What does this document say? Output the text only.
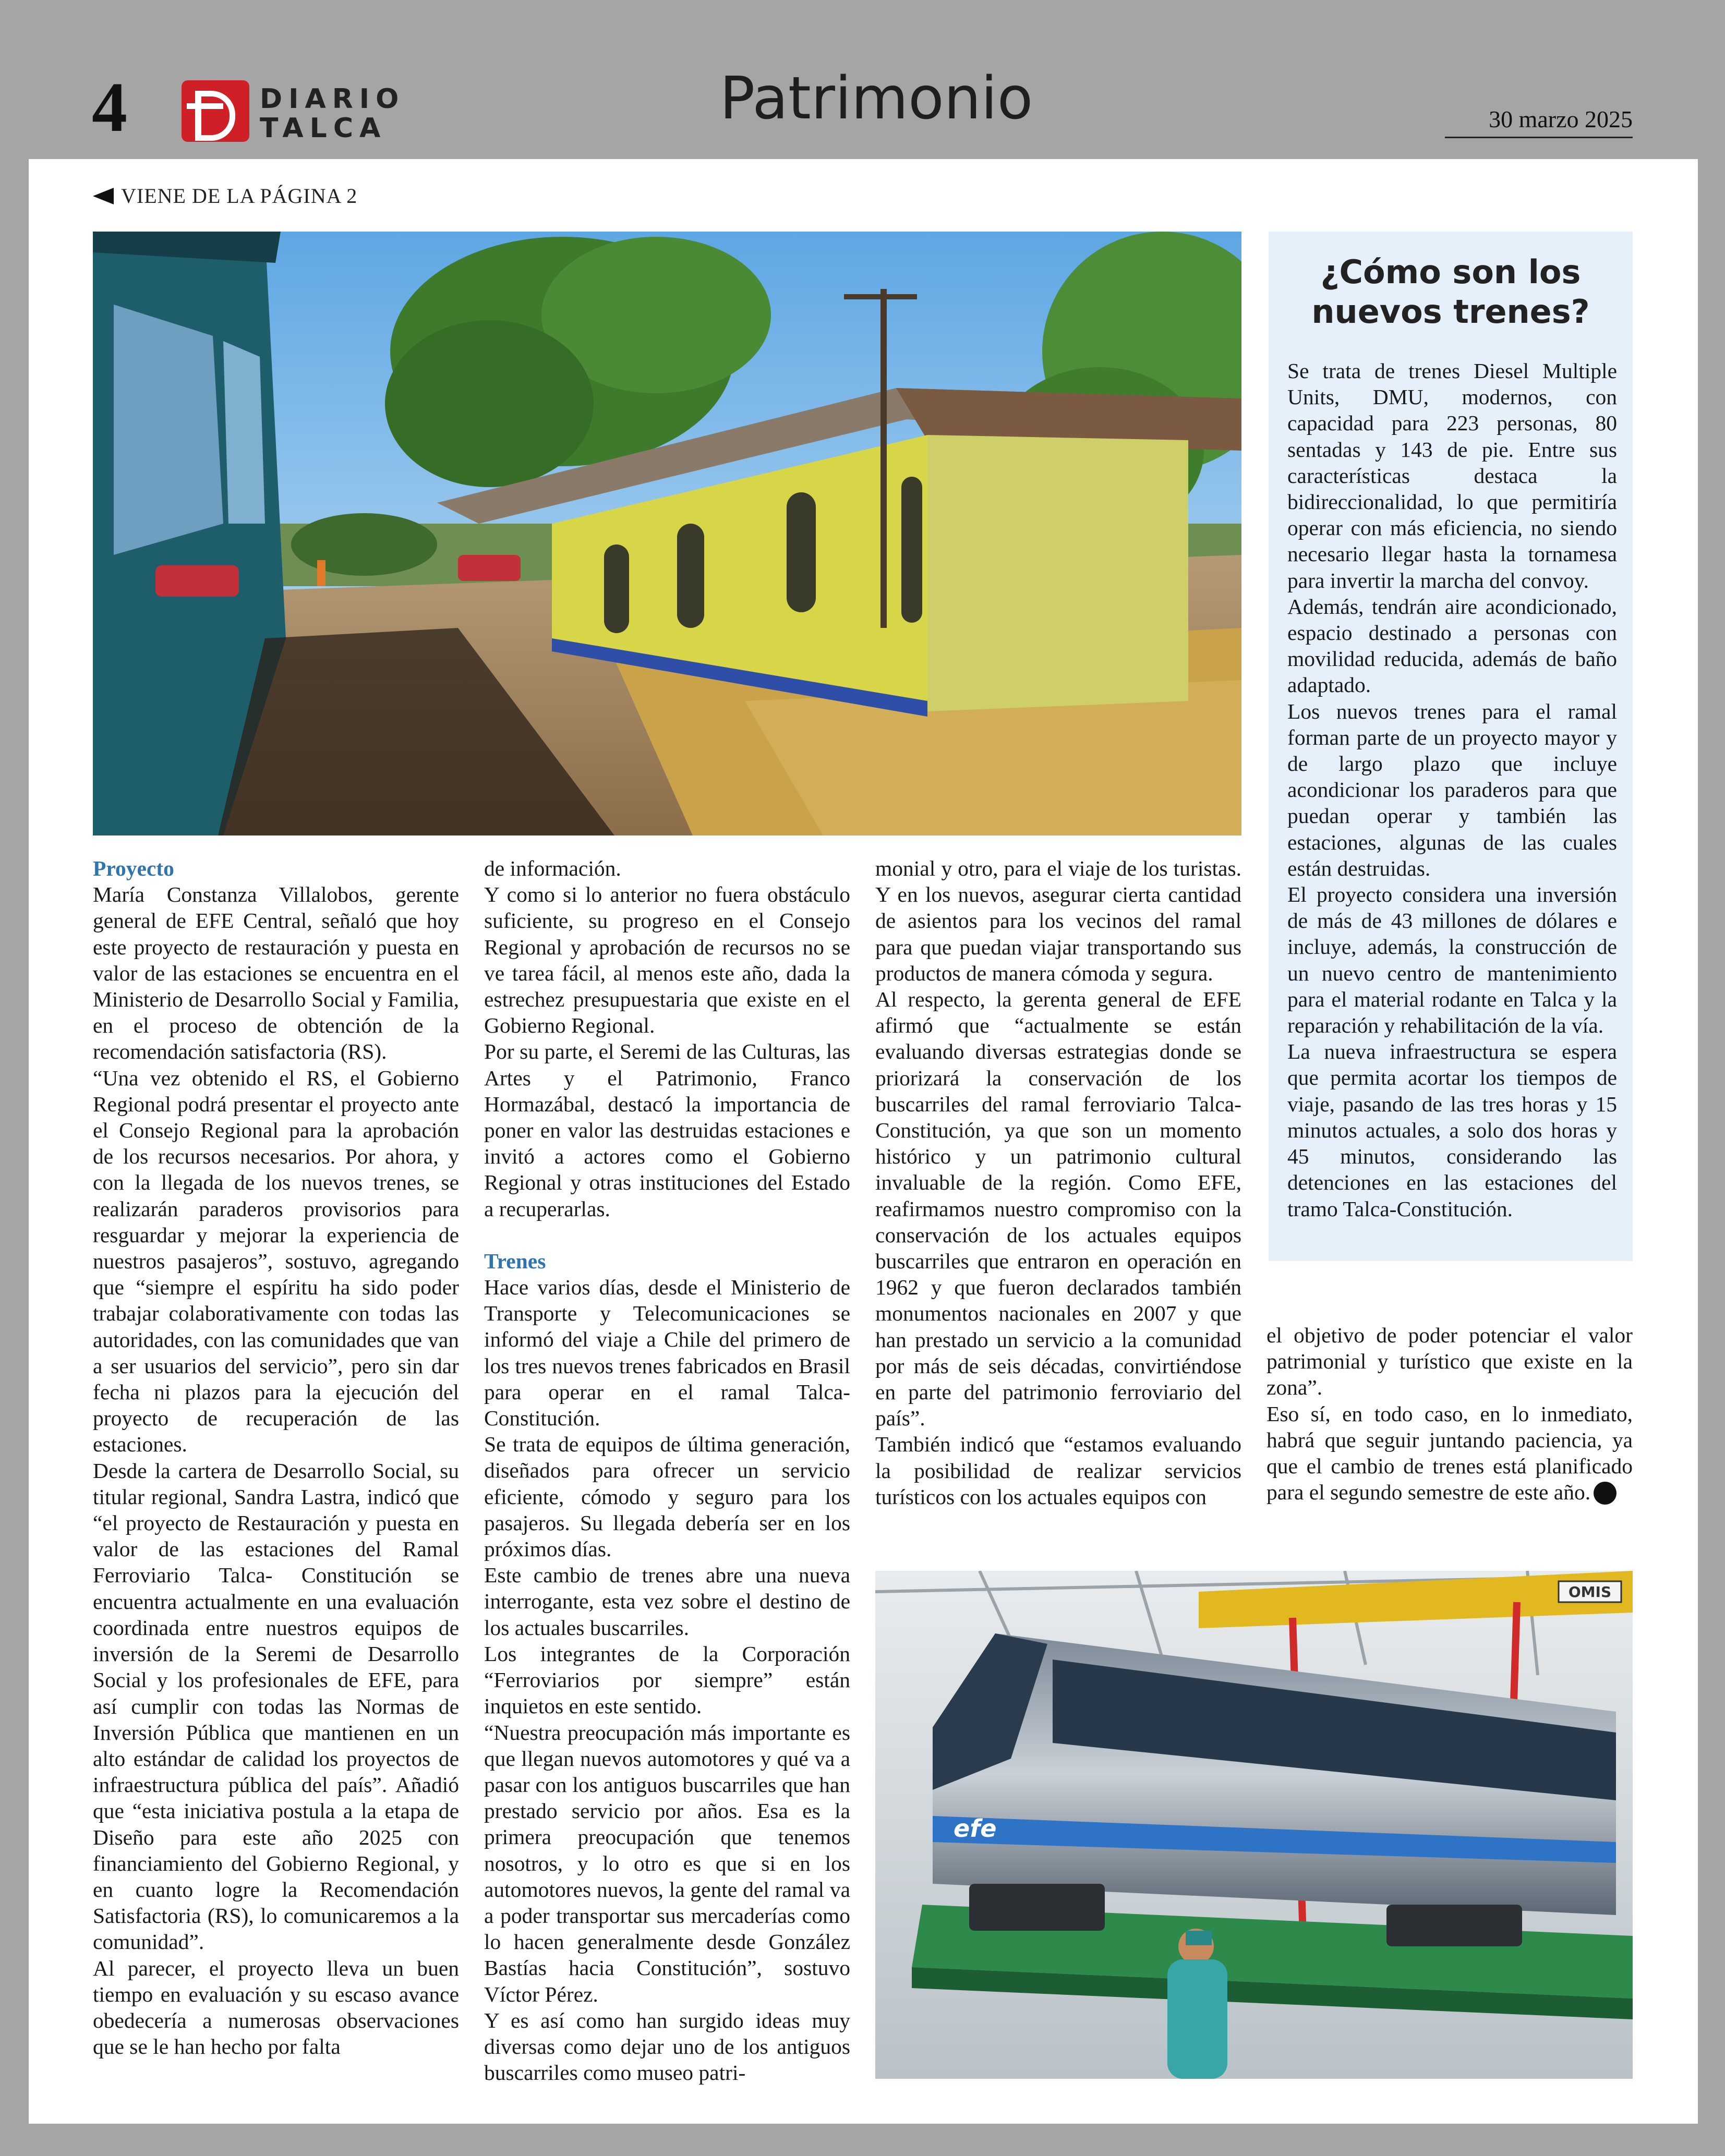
4	DIARIO
TALCA	Patrimonio	30 marzo 2025
VIENE DE LA PÁGINA 2
Proyecto

María Constanza Villalobos, gerente general de EFE Central, señaló que hoy este proyecto de restauración y puesta en valor de las estaciones se encuentra en el Ministerio de Desarrollo Social y Familia, en el proceso de obtención de la recomendación satisfactoria (RS).

“Una vez obtenido el RS, el Gobierno Regional podrá presentar el proyecto ante el Consejo Regional para la aprobación de los recursos necesarios. Por ahora, y con la llegada de los nuevos trenes, se realizarán paraderos provisorios para resguardar y mejorar la experiencia de nuestros pasajeros”, sostuvo, agregando que “siempre el espíritu ha sido poder trabajar colaborativamente con todas las autoridades, con las comunidades que van a ser usuarios del servicio”, pero sin dar fecha ni plazos para la ejecución del proyecto de recuperación de las estaciones.

Desde la cartera de Desarrollo Social, su titular regional, Sandra Lastra, indicó que “el proyecto de Restauración y puesta en valor de las estaciones del Ramal Ferroviario Talca- Constitución se encuentra actualmente en una evaluación coordinada entre nuestros equipos de inversión de la Seremi de Desarrollo Social y los profesionales de EFE, para así cumplir con todas las Normas de Inversión Pública que mantienen en un alto estándar de calidad los proyectos de infraestructura pública del país”. Añadió que “esta iniciativa postula a la etapa de Diseño para este año 2025 con financiamiento del Gobierno Regional, y en cuanto logre la Recomendación Satisfactoria (RS), lo comunicaremos a la comunidad”.

Al parecer, el proyecto lleva un buen tiempo en evaluación y su escaso avance obedecería a numerosas observaciones que se le han hecho por falta

de información.

Y como si lo anterior no fuera obstáculo suficiente, su progreso en el Consejo Regional y aprobación de recursos no se ve tarea fácil, al menos este año, dada la estrechez presupuestaria que existe en el Gobierno Regional.

Por su parte, el Seremi de las Culturas, las Artes y el Patrimonio, Franco Hormazábal, destacó la importancia de poner en valor las destruidas estaciones e invitó a actores como el Gobierno Regional y otras instituciones del Estado a recuperarlas.

Trenes

Hace varios días, desde el Ministerio de Transporte y Telecomunicaciones se informó del viaje a Chile del primero de los tres nuevos trenes fabricados en Brasil para operar en el ramal Talca-Constitución.

Se trata de equipos de última generación, diseñados para ofrecer un servicio eficiente, cómodo y seguro para los pasajeros. Su llegada debería ser en los próximos días.

Este cambio de trenes abre una nueva interrogante, esta vez sobre el destino de los actuales buscarriles.

Los integrantes de la Corporación “Ferroviarios por siempre” están inquietos en este sentido.

“Nuestra preocupación más importante es que llegan nuevos automotores y qué va a pasar con los antiguos buscarriles que han prestado servicio por años. Esa es la primera preocupación que tenemos nosotros, y lo otro es que si en los automotores nuevos, la gente del ramal va a poder transportar sus mercaderías como lo hacen generalmente desde González Bastías hacia Constitución”, sostuvo Víctor Pérez.

Y es así como han surgido ideas muy diversas como dejar uno de los antiguos buscarriles como museo patri-

monial y otro, para el viaje de los turistas. Y en los nuevos, asegurar cierta cantidad de asientos para los vecinos del ramal para que puedan viajar transportando sus productos de manera cómoda y segura.

Al respecto, la gerenta general de EFE afirmó que “actualmente se están evaluando diversas estrategias donde se priorizará la conservación de los buscarriles del ramal ferroviario Talca-Constitución, ya que son un momento histórico y un patrimonio cultural invaluable de la región. Como EFE, reafirmamos nuestro compromiso con la conservación de los actuales equipos buscarriles que entraron en operación en 1962 y que fueron declarados también monumentos nacionales en 2007 y que han prestado un servicio a la comunidad por más de seis décadas, convirtiéndose en parte del patrimonio ferroviario del país”.

También indicó que “estamos evaluando la posibilidad de realizar servicios turísticos con los actuales equipos con

el objetivo de poder potenciar el valor patrimonial y turístico que existe en la zona”.

Eso sí, en todo caso, en lo inmediato, habrá que seguir juntando paciencia, ya que el cambio de trenes está planificado para el segundo semestre de este año.

¿Cómo son los nuevos trenes?

Se trata de trenes Diesel Multiple Units, DMU, modernos, con capacidad para 223 personas, 80 sentadas y 143 de pie. Entre sus características destaca la bidireccionalidad, lo que permitiría operar con más eficiencia, no siendo necesario llegar hasta la tornamesa para invertir la marcha del convoy.

Además, tendrán aire acondicionado, espacio destinado a personas con movilidad reducida, además de baño adaptado.

Los nuevos trenes para el ramal forman parte de un proyecto mayor y de largo plazo que incluye acondicionar los paraderos para que puedan operar y también las estaciones, algunas de las cuales están destruidas.

El proyecto considera una inversión de más de 43 millones de dólares e incluye, además, la construcción de un nuevo centro de mantenimiento para el material rodante en Talca y la reparación y rehabilitación de la vía.

La nueva infraestructura se espera que permita acortar los tiempos de viaje, pasando de las tres horas y 15 minutos actuales, a solo dos horas y 45 minutos, considerando las detenciones en las estaciones del tramo Talca-Constitución.

OMIS
efe
